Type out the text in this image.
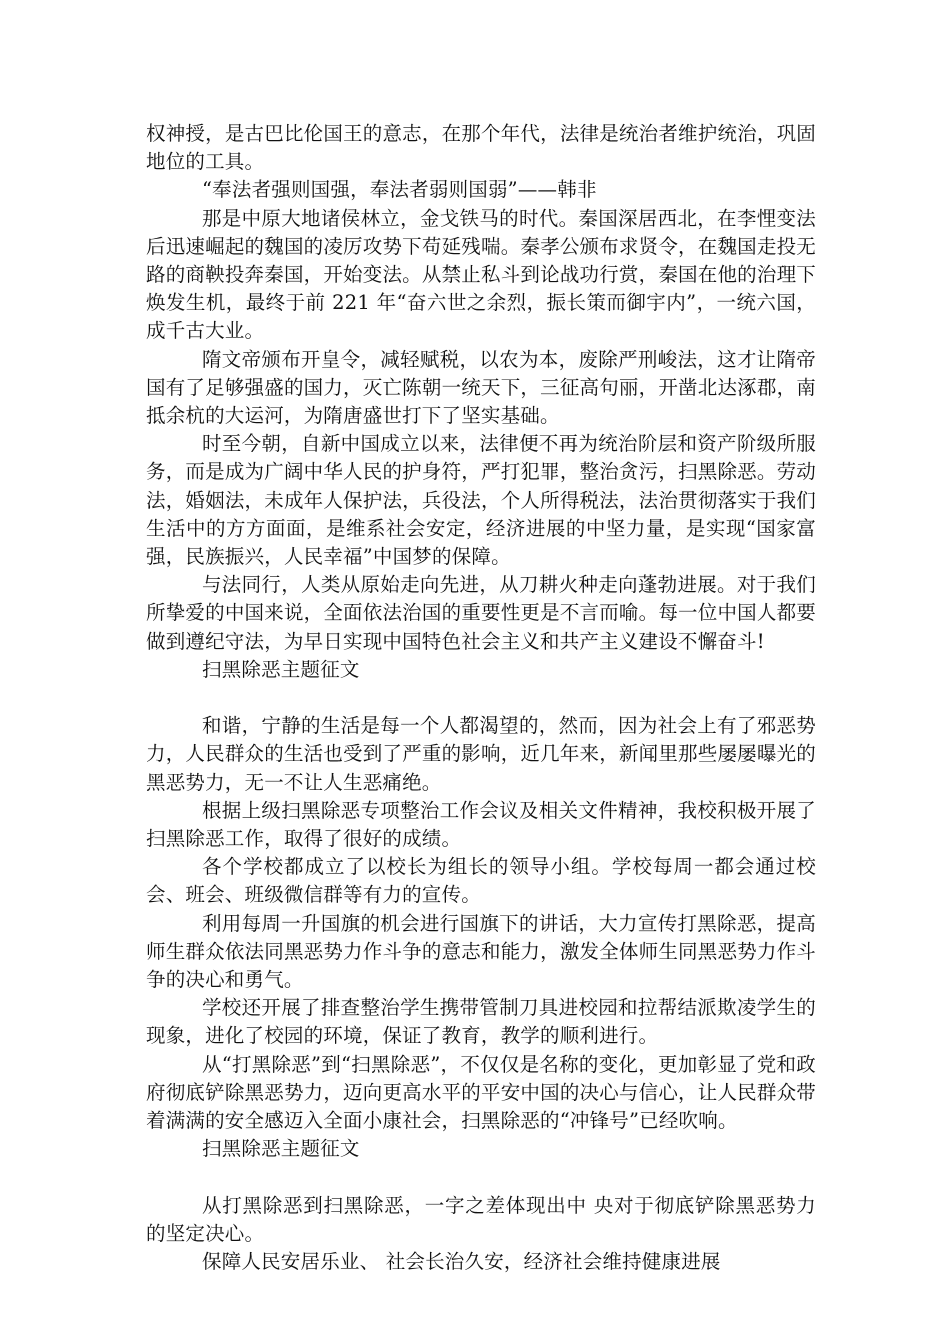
权神授，是古巴比伦国王的意志，在那个年代，法律是统治者维护统治，巩固地位的工具。

“奉法者强则国强，奉法者弱则国弱”——韩非

那是中原大地诸侯林立，金戈铁马的时代。秦国深居西北，在李悝变法后迅速崛起的魏国的凌厉攻势下苟延残喘。秦孝公颁布求贤令，在魏国走投无路的商鞅投奔秦国，开始变法。从禁止私斗到论战功行赏，秦国在他的治理下焕发生机，最终于前 221 年“奋六世之余烈，振长策而御宇内”，一统六国，成千古大业。

隋文帝颁布开皇令，减轻赋税，以农为本，废除严刑峻法，这才让隋帝国有了足够强盛的国力，灭亡陈朝一统天下，三征高句丽，开凿北达涿郡，南抵余杭的大运河，为隋唐盛世打下了坚实基础。

时至今朝，自新中国成立以来，法律便不再为统治阶层和资产阶级所服务，而是成为广阔中华人民的护身符，严打犯罪，整治贪污，扫黑除恶。劳动法，婚姻法，未成年人保护法，兵役法，个人所得税法，法治贯彻落实于我们生活中的方方面面，是维系社会安定，经济进展的中坚力量，是实现“国家富强，民族振兴，人民幸福”中国梦的保障。

与法同行，人类从原始走向先进，从刀耕火种走向蓬勃进展。对于我们所挚爱的中国来说，全面依法治国的重要性更是不言而喻。每一位中国人都要做到遵纪守法，为早日实现中国特色社会主义和共产主义建设不懈奋斗!

扫黑除恶主题征文

和谐，宁静的生活是每一个人都渴望的，然而，因为社会上有了邪恶势力，人民群众的生活也受到了严重的影响，近几年来，新闻里那些屡屡曝光的黑恶势力，无一不让人生恶痛绝。

根据上级扫黑除恶专项整治工作会议及相关文件精神，我校积极开展了扫黑除恶工作，取得了很好的成绩。

各个学校都成立了以校长为组长的领导小组。学校每周一都会通过校会、班会、班级微信群等有力的宣传。

利用每周一升国旗的机会进行国旗下的讲话，大力宣传打黑除恶，提高师生群众依法同黑恶势力作斗争的意志和能力，激发全体师生同黑恶势力作斗争的决心和勇气。

学校还开展了排查整治学生携带管制刀具进校园和拉帮结派欺凌学生的现象，进化了校园的环境，保证了教育，教学的顺利进行。

从“打黑除恶”到“扫黑除恶”，不仅仅是名称的变化，更加彰显了党和政府彻底铲除黑恶势力，迈向更高水平的平安中国的决心与信心，让人民群众带着满满的安全感迈入全面小康社会，扫黑除恶的“冲锋号”已经吹响。

扫黑除恶主题征文

从打黑除恶到扫黑除恶，一字之差体现出中 央对于彻底铲除黑恶势力的坚定决心。

保障人民安居乐业、 社会长治久安，经济社会维持健康进展
